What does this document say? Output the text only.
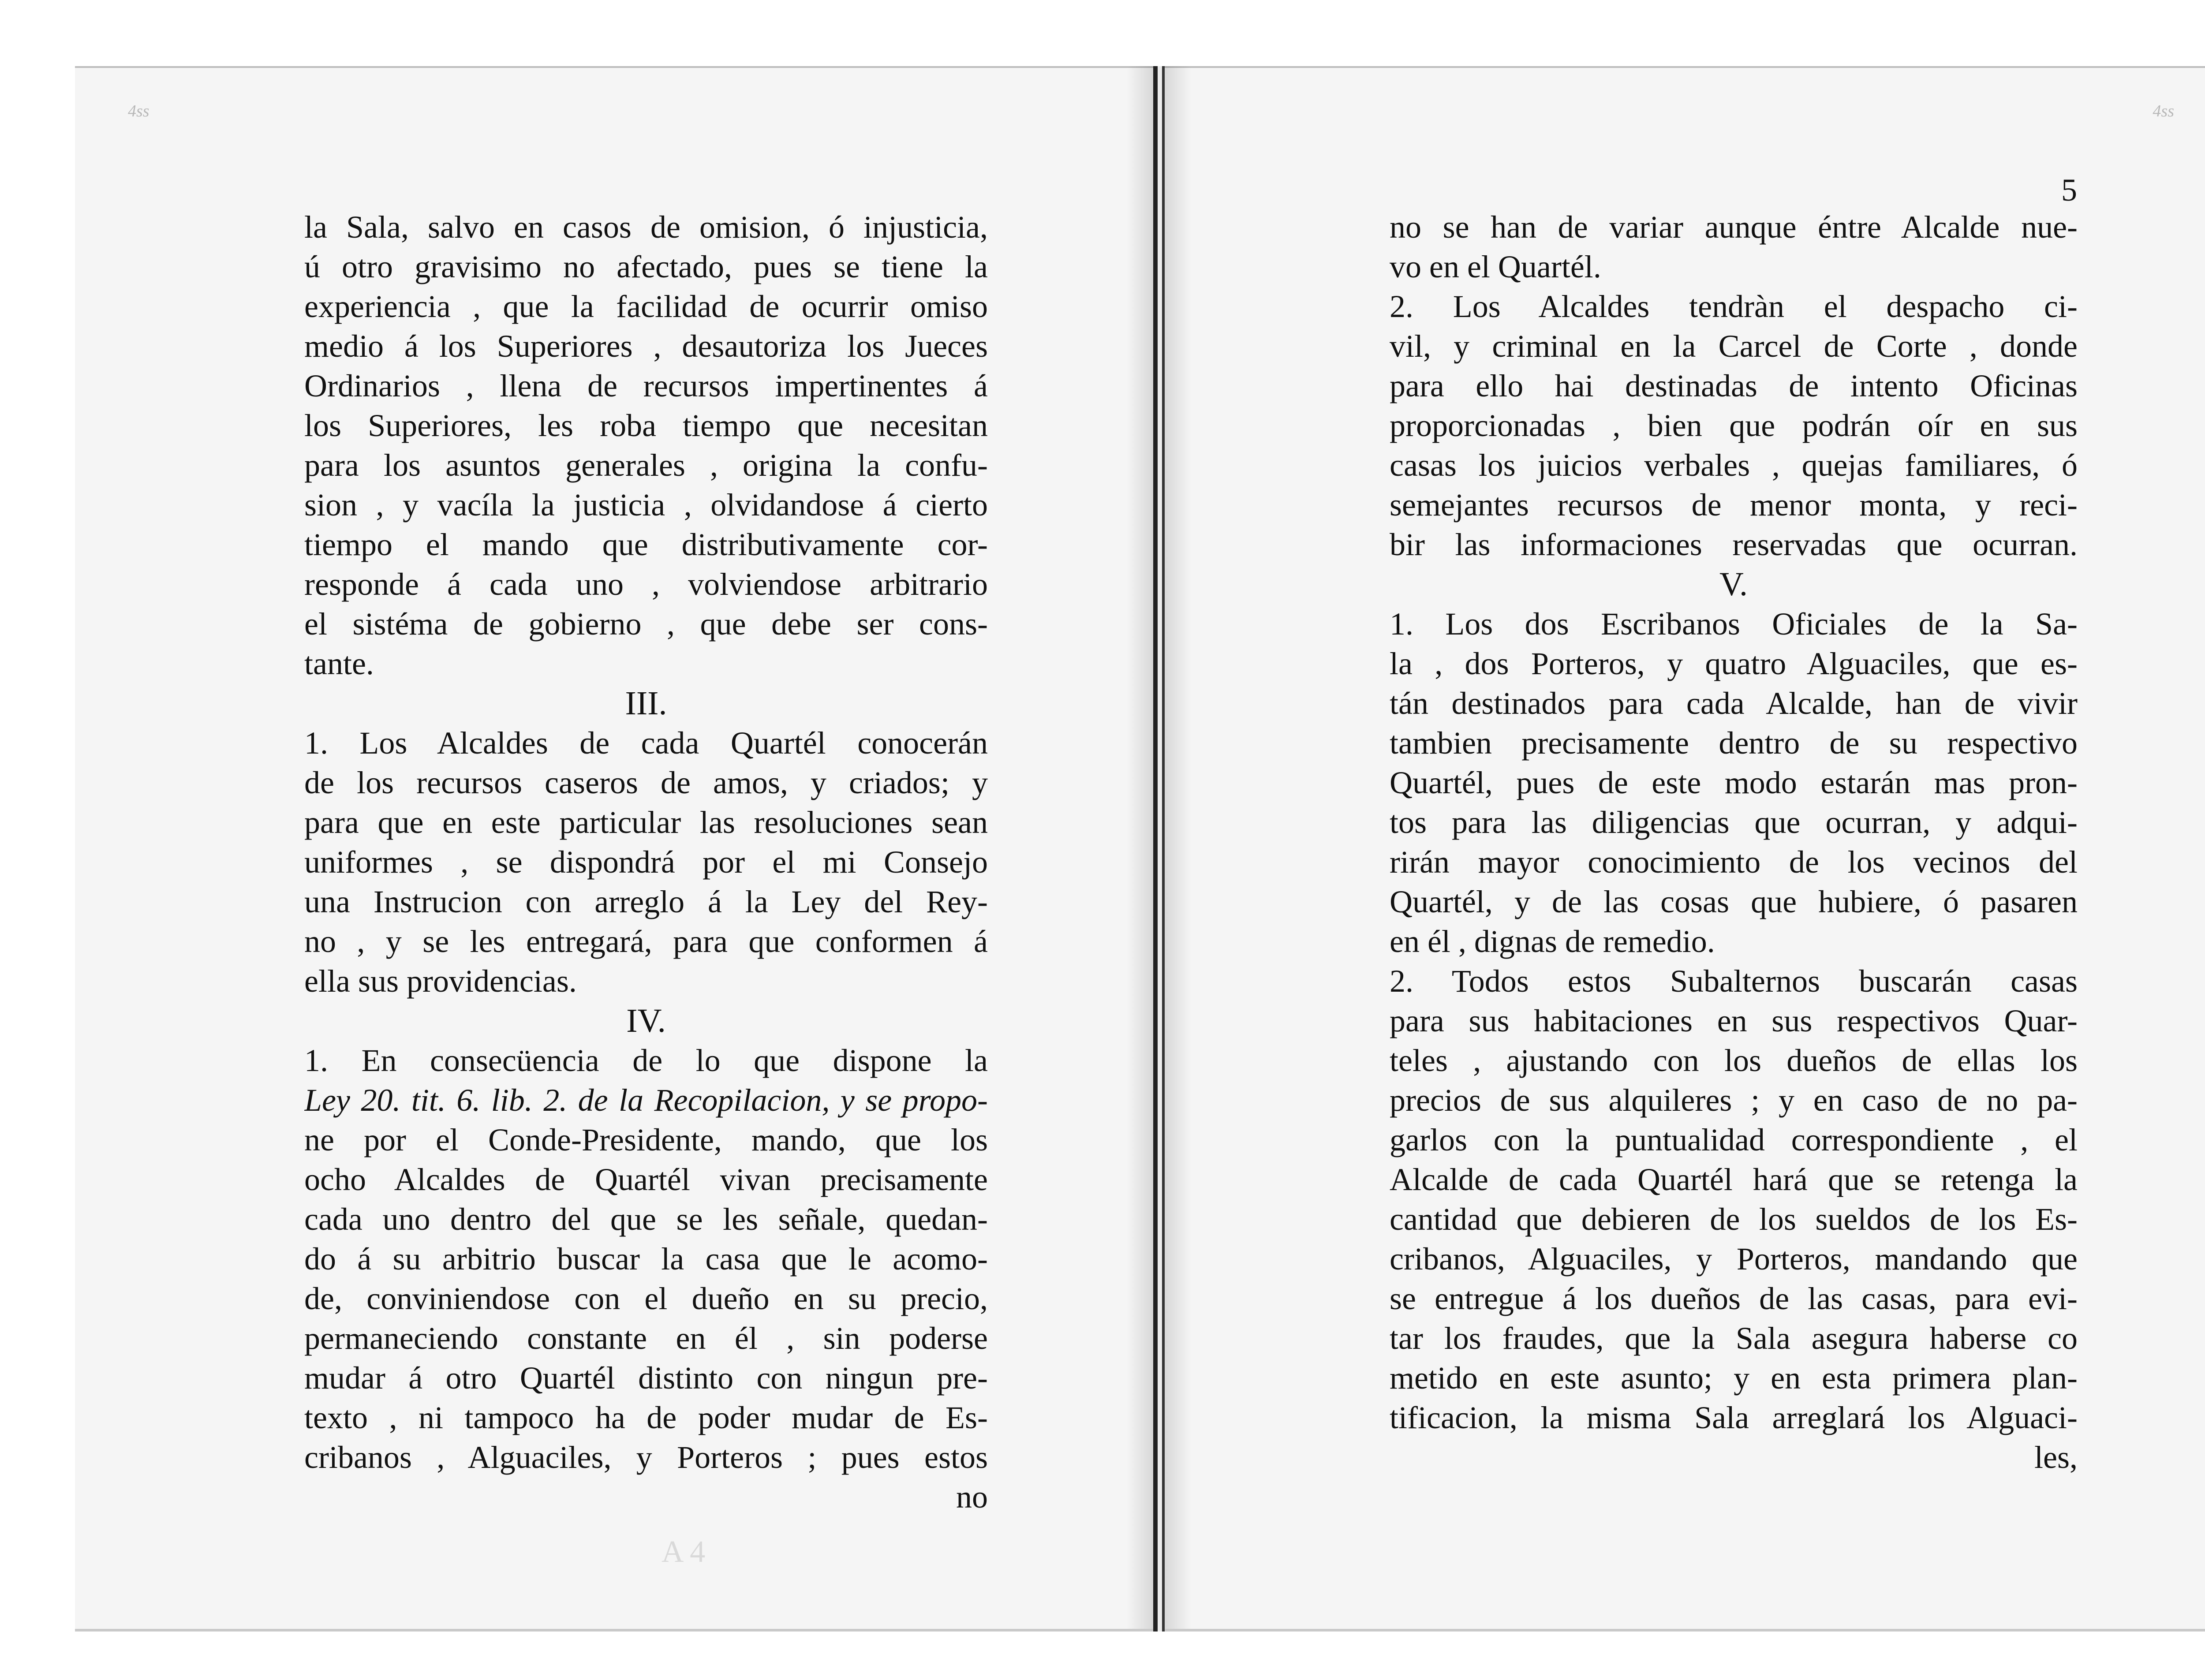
4ss
la Sala, salvo en casos de omision, ó injusticia,
ú otro gravisimo no afectado, pues se tiene la
experiencia , que la facilidad de ocurrir omiso
medio á los Superiores , desautoriza los Jueces
Ordinarios , llena de recursos impertinentes á
los Superiores, les roba tiempo que necesitan
para los asuntos generales , origina la confu-
sion , y vacíla la justicia , olvidandose á cierto
tiempo el mando que distributivamente cor-
responde á cada uno , volviendose arbitrario
el sistéma de gobierno , que debe ser cons-
tante.
III.
1. Los Alcaldes de cada Quartél conocerán
de los recursos caseros de amos, y criados; y
para que en este particular las resoluciones sean
uniformes , se dispondrá por el mi Consejo
una Instrucion con arreglo á la Ley del Rey-
no , y se les entregará, para que conformen á
ella sus providencias.
IV.
1. En consecüencia de lo que dispone la
Ley 20. tit. 6. lib. 2. de la Recopilacion, y se propo-
ne por el Conde-Presidente, mando, que los
ocho Alcaldes de Quartél vivan precisamente
cada uno dentro del que se les señale, quedan-
do á su arbitrio buscar la casa que le acomo-
de, conviniendose con el dueño en su precio,
permaneciendo constante en él , sin poderse
mudar á otro Quartél distinto con ningun pre-
texto , ni tampoco ha de poder mudar de Es-
cribanos , Alguaciles, y Porteros ; pues estos
no
A 4
4ss
5
no se han de variar aunque éntre Alcalde nue-
vo en el Quartél.
2. Los Alcaldes tendràn el despacho ci-
vil, y criminal en la Carcel de Corte , donde
para ello hai destinadas de intento Oficinas
proporcionadas , bien que podrán oír en sus
casas los juicios verbales , quejas familiares, ó
semejantes recursos de menor monta, y reci-
bir las informaciones reservadas que ocurran.
V.
1. Los dos Escribanos Oficiales de la Sa-
la , dos Porteros, y quatro Alguaciles, que es-
tán destinados para cada Alcalde, han de vivir
tambien precisamente dentro de su respectivo
Quartél, pues de este modo estarán mas pron-
tos para las diligencias que ocurran, y adqui-
rirán mayor conocimiento de los vecinos del
Quartél, y de las cosas que hubiere, ó pasaren
en él , dignas de remedio.
2. Todos estos Subalternos buscarán casas
para sus habitaciones en sus respectivos Quar-
teles , ajustando con los dueños de ellas los
precios de sus alquileres ; y en caso de no pa-
garlos con la puntualidad correspondiente , el
Alcalde de cada Quartél hará que se retenga la
cantidad que debieren de los sueldos de los Es-
cribanos, Alguaciles, y Porteros, mandando que
se entregue á los dueños de las casas, para evi-
tar los fraudes, que la Sala asegura haberse co
metido en este asunto; y en esta primera plan-
tificacion, la misma Sala arreglará los Alguaci-
les,
